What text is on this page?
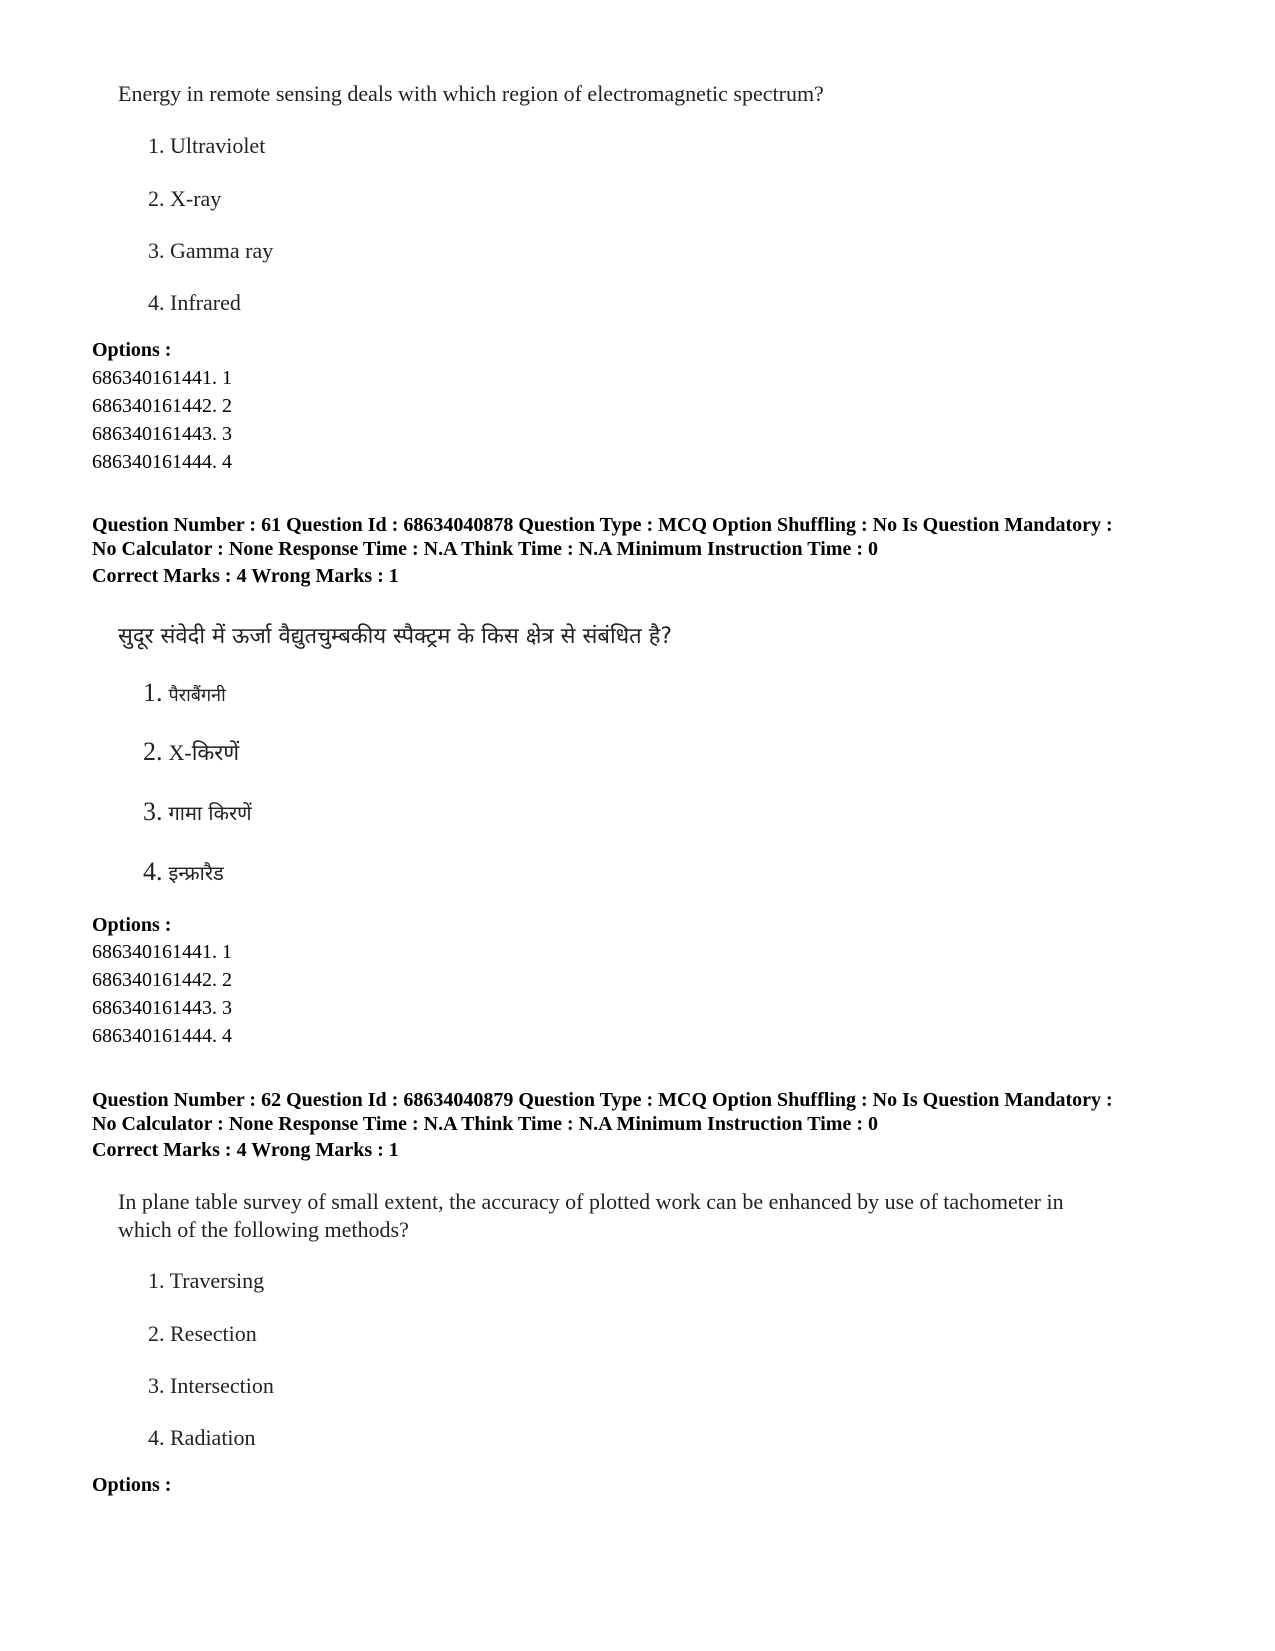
Energy in remote sensing deals with which region of electromagnetic spectrum?
1. Ultraviolet
2. X-ray
3. Gamma ray
4. Infrared
Options :
686340161441. 1
686340161442. 2
686340161443. 3
686340161444. 4
Question Number : 61 Question Id : 68634040878 Question Type : MCQ Option Shuffling : No Is Question Mandatory :
No Calculator : None Response Time : N.A Think Time : N.A Minimum Instruction Time : 0
Correct Marks : 4 Wrong Marks : 1
सुदूर संवेदी में ऊर्जा वैद्युतचुम्बकीय स्पैक्ट्रम के किस क्षेत्र से संबंधित है?
1. पैराबैंगनी
2. X-किरणें
3. गामा किरणें
4. इन्फ्रारैड
Options :
686340161441. 1
686340161442. 2
686340161443. 3
686340161444. 4
Question Number : 62 Question Id : 68634040879 Question Type : MCQ Option Shuffling : No Is Question Mandatory :
No Calculator : None Response Time : N.A Think Time : N.A Minimum Instruction Time : 0
Correct Marks : 4 Wrong Marks : 1
In plane table survey of small extent, the accuracy of plotted work can be enhanced by use of tachometer in
which of the following methods?
1. Traversing
2. Resection
3. Intersection
4. Radiation
Options :
